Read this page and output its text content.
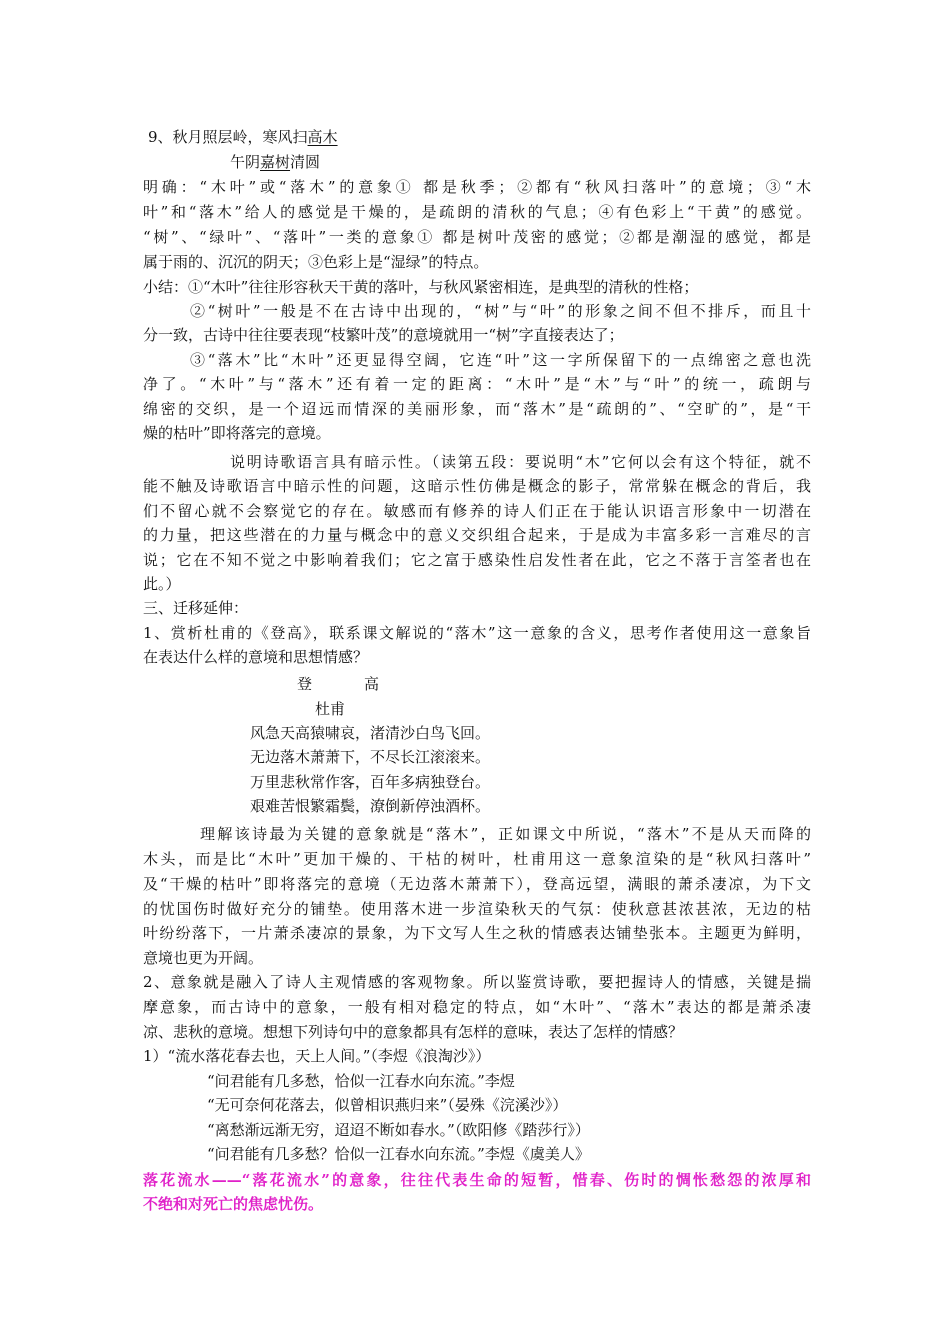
9、秋月照层岭，寒风扫高木
午阴嘉树清圆
明确：“木叶”或“落木”的意象① 都是秋季；②都有“秋风扫落叶”的意境；③“木
叶”和“落木”给人的感觉是干燥的，是疏朗的清秋的气息；④有色彩上“干黄”的感觉。
“树”、“绿叶”、“落叶”一类的意象① 都是树叶茂密的感觉；②都是潮湿的感觉，都是
属于雨的、沉沉的阴天；③色彩上是“湿绿”的特点。
小结：①“木叶”往往形容秋天干黄的落叶，与秋风紧密相连，是典型的清秋的性格；
②“树叶”一般是不在古诗中出现的，“树”与“叶”的形象之间不但不排斥，而且十
分一致，古诗中往往要表现“枝繁叶茂”的意境就用一“树”字直接表达了；
③“落木”比“木叶”还更显得空阔，它连“叶”这一字所保留下的一点绵密之意也洗
净了。“木叶”与“落木”还有着一定的距离：“木叶”是“木”与“叶”的统一，疏朗与
绵密的交织，是一个迢远而情深的美丽形象，而“落木”是“疏朗的”、“空旷的”，是“干
燥的枯叶”即将落完的意境。
说明诗歌语言具有暗示性。（读第五段：要说明“木”它何以会有这个特征，就不
能不触及诗歌语言中暗示性的问题，这暗示性仿佛是概念的影子，常常躲在概念的背后，我
们不留心就不会察觉它的存在。敏感而有修养的诗人们正在于能认识语言形象中一切潜在
的力量，把这些潜在的力量与概念中的意义交织组合起来，于是成为丰富多彩一言难尽的言
说；它在不知不觉之中影响着我们；它之富于感染性启发性者在此，它之不落于言筌者也在
此。）
三、迁移延伸：
1、赏析杜甫的《登高》，联系课文解说的“落木”这一意象的含义，思考作者使用这一意象旨
在表达什么样的意境和思想情感？
登	高
杜甫
风急天高猿啸哀，渚清沙白鸟飞回。
无边落木萧萧下，不尽长江滚滚来。
万里悲秋常作客，百年多病独登台。
艰难苦恨繁霜鬓，潦倒新停浊酒杯。
理解该诗最为关键的意象就是“落木”，正如课文中所说，“落木”不是从天而降的
木头，而是比“木叶”更加干燥的、干枯的树叶，杜甫用这一意象渲染的是“秋风扫落叶”
及“干燥的枯叶”即将落完的意境（无边落木萧萧下），登高远望，满眼的萧杀凄凉，为下文
的忧国伤时做好充分的铺垫。使用落木进一步渲染秋天的气氛：使秋意甚浓甚浓，无边的枯
叶纷纷落下，一片萧杀凄凉的景象，为下文写人生之秋的情感表达铺垫张本。主题更为鲜明，
意境也更为开阔。
2、意象就是融入了诗人主观情感的客观物象。所以鉴赏诗歌，要把握诗人的情感，关键是揣
摩意象，而古诗中的意象，一般有相对稳定的特点，如“木叶”、“落木”表达的都是萧杀凄
凉、悲秋的意境。想想下列诗句中的意象都具有怎样的意味，表达了怎样的情感？
1）“流水落花春去也，天上人间。”（李煜《浪淘沙》）
“问君能有几多愁，恰似一江春水向东流。”李煜
“无可奈何花落去，似曾相识燕归来”（晏殊《浣溪沙》）
“离愁渐远渐无穷，迢迢不断如春水。”（欧阳修《踏莎行》）
“问君能有几多愁？恰似一江春水向东流。”李煜《虞美人》
落花流水——“落花流水”的意象，往往代表生命的短暂，惜春、伤时的惆怅愁怨的浓厚和
不绝和对死亡的焦虑忧伤。
